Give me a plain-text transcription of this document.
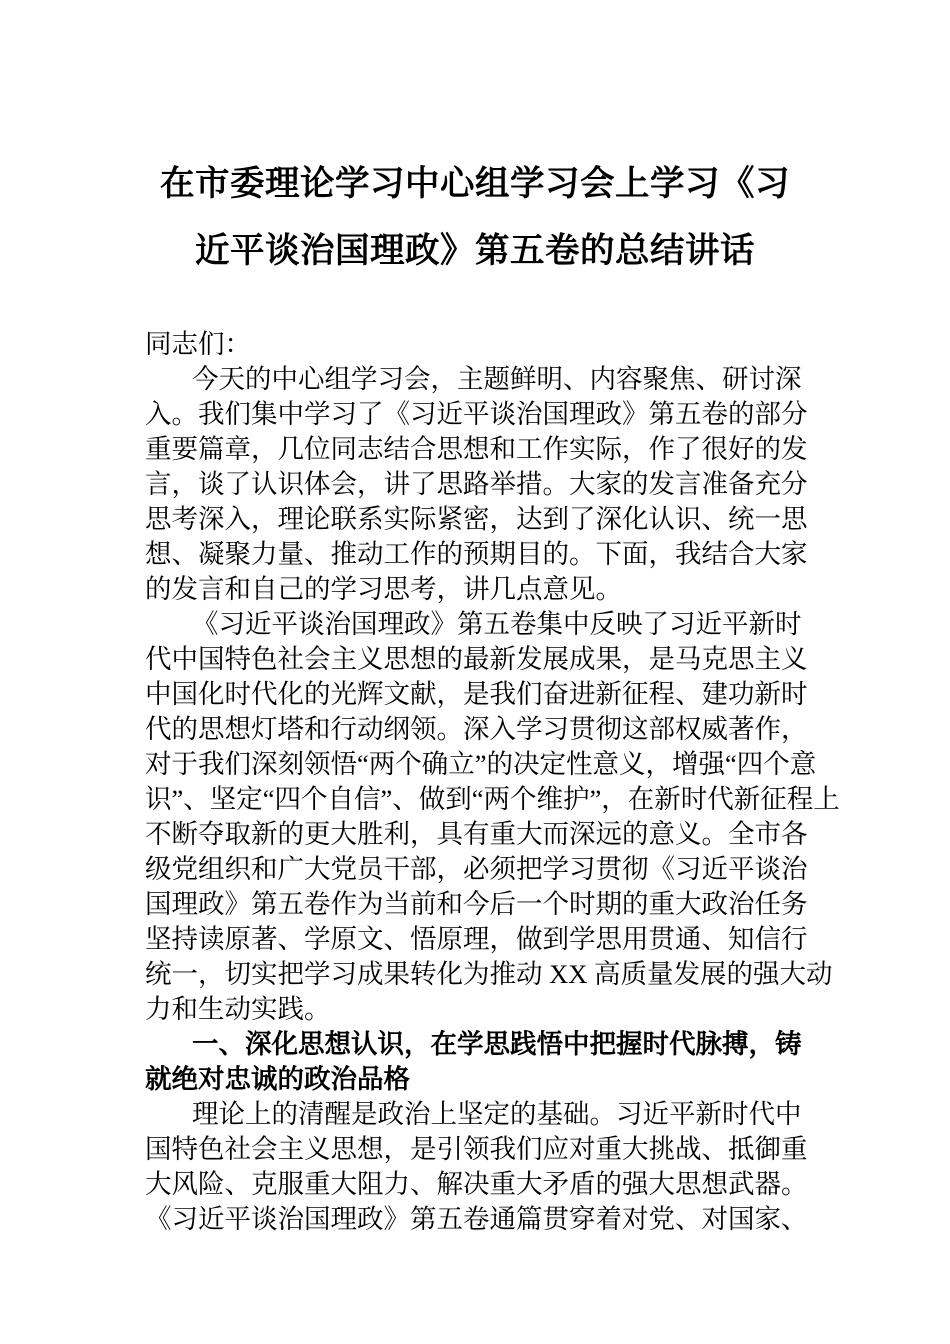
在市委理论学习中心组学习会上学习《习
近平谈治国理政》第五卷的总结讲话
同志们：
今天的中心组学习会，主题鲜明、内容聚焦、研讨深
入。我们集中学习了《习近平谈治国理政》第五卷的部分
重要篇章，几位同志结合思想和工作实际，作了很好的发
言，谈了认识体会，讲了思路举措。大家的发言准备充分
思考深入，理论联系实际紧密，达到了深化认识、统一思
想、凝聚力量、推动工作的预期目的。下面，我结合大家
的发言和自己的学习思考，讲几点意见。
《习近平谈治国理政》第五卷集中反映了习近平新时
代中国特色社会主义思想的最新发展成果，是马克思主义
中国化时代化的光辉文献，是我们奋进新征程、建功新时
代的思想灯塔和行动纲领。深入学习贯彻这部权威著作，
对于我们深刻领悟“两个确立”的决定性意义，增强“四个意
识”、坚定“四个自信”、做到“两个维护”，在新时代新征程上
不断夺取新的更大胜利，具有重大而深远的意义。全市各
级党组织和广大党员干部，必须把学习贯彻《习近平谈治
国理政》第五卷作为当前和今后一个时期的重大政治任务
坚持读原著、学原文、悟原理，做到学思用贯通、知信行
统一，切实把学习成果转化为推动 XX 高质量发展的强大动
力和生动实践。
一、深化思想认识，在学思践悟中把握时代脉搏，铸
就绝对忠诚的政治品格
理论上的清醒是政治上坚定的基础。习近平新时代中
国特色社会主义思想，是引领我们应对重大挑战、抵御重
大风险、克服重大阻力、解决重大矛盾的强大思想武器。
《习近平谈治国理政》第五卷通篇贯穿着对党、对国家、
